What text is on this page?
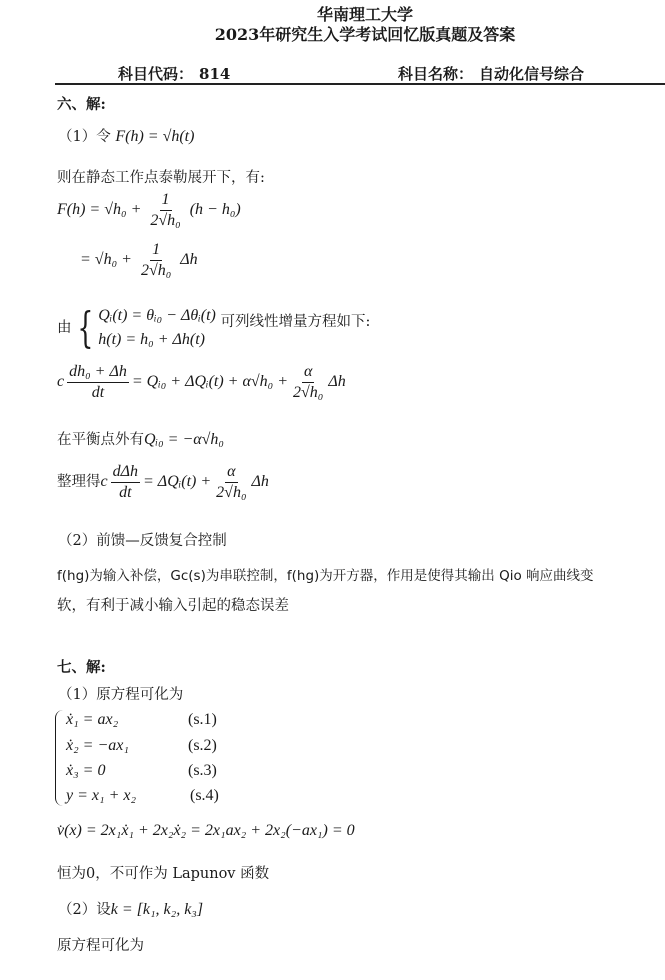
华南理工大学
2023年研究生入学考试回忆版真题及答案
科目代码： 814	科目名称： 自动化信号综合
六、解:
（1）令 F(h) = √h(t)
则在静态工作点泰勒展开下，有:
$F(h) = √h_0 + \frac{1}{\text{2√h₀}} (h - h_0)$
= $√h_0 + \frac{1}{\text{2√h₀}}$ Δh
由 { Qᵢ(t) = θᵢ₀ − Δθᵢ(t)
h(t) = h₀ + Δh(t)
可列线性增量方程如下:
c $\frac{\text{dh₀ + Δh}}{dt}$ = Qᵢ₀ + ΔQᵢ(t) + $\alpha√h_0 + \frac{\alpha}{\text{2√h₀}}$ Δh
在平衡点外有Qᵢ₀ = −α√h₀
整理得c $\frac{\text{dΔh}}{dt}$ = ΔQᵢ(t) + $\frac{\alpha}{\text{2√h₀}}$ Δh
（2）前馈—反馈复合控制
f(hg)为输入补偿，Gc(s)为串联控制，f(hg)为开方器，作用是使得其输出 Qio 响应曲线变
软，有利于减小输入引起的稳态误差
七、解:
（1）原方程可化为
ẋ₁ = ax₂	(s.1)
ẋ₂ = −ax₁	(s.2)
ẋ₃ = 0	(s.3)
y = x₁ + x₂	(s.4)
v̇(x) = 2x₁ẋ₁ + 2x₂ẋ₂ = 2x₁ax₂ + 2x₂(−ax₁) = 0
恒为0，不可作为 Lapunov 函数
（2）设k = [k₁, k₂, k₃]
原方程可化为
